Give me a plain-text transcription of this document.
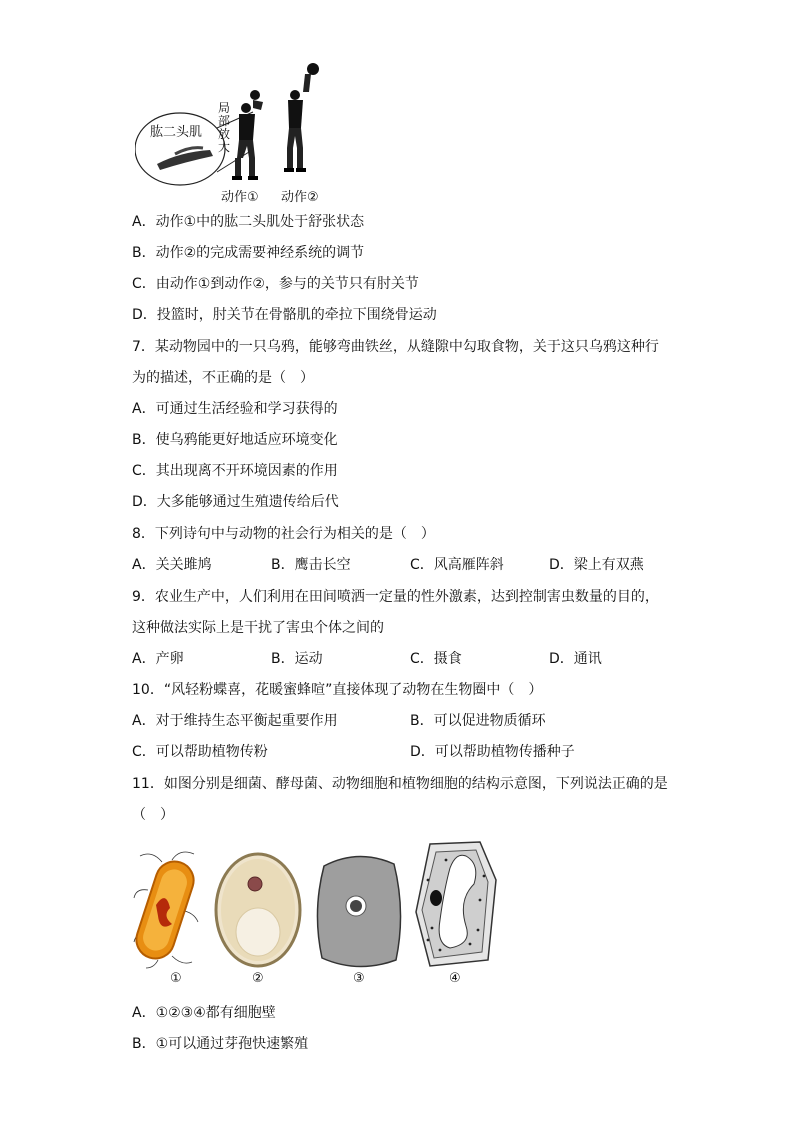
肱二头肌
局部放大
动作① 动作②
A．动作①中的肱二头肌处于舒张状态
B．动作②的完成需要神经系统的调节
C．由动作①到动作②，参与的关节只有肘关节
D．投篮时，肘关节在骨骼肌的牵拉下围绕骨运动
7．某动物园中的一只乌鸦，能够弯曲铁丝，从缝隙中勾取食物，关于这只乌鸦这种行
为的描述，不正确的是（　）
A．可通过生活经验和学习获得的
B．使乌鸦能更好地适应环境变化
C．其出现离不开环境因素的作用
D．大多能够通过生殖遗传给后代
8．下列诗句中与动物的社会行为相关的是（　）
A．关关雎鸠	B．鹰击长空	C．风高雁阵斜	D．梁上有双燕
9．农业生产中，人们利用在田间喷洒一定量的性外激素，达到控制害虫数量的目的，
这种做法实际上是干扰了害虫个体之间的
A．产卵	B．运动	C．摄食	D．通讯
10．“风轻粉蝶喜，花暖蜜蜂喧”直接体现了动物在生物圈中（　）
A．对于维持生态平衡起重要作用	B．可以促进物质循环
C．可以帮助植物传粉	D．可以帮助植物传播种子
11．如图分别是细菌、酵母菌、动物细胞和植物细胞的结构示意图，下列说法正确的是
（　）
①	②	③	④
A．①②③④都有细胞壁
B．①可以通过芽孢快速繁殖
